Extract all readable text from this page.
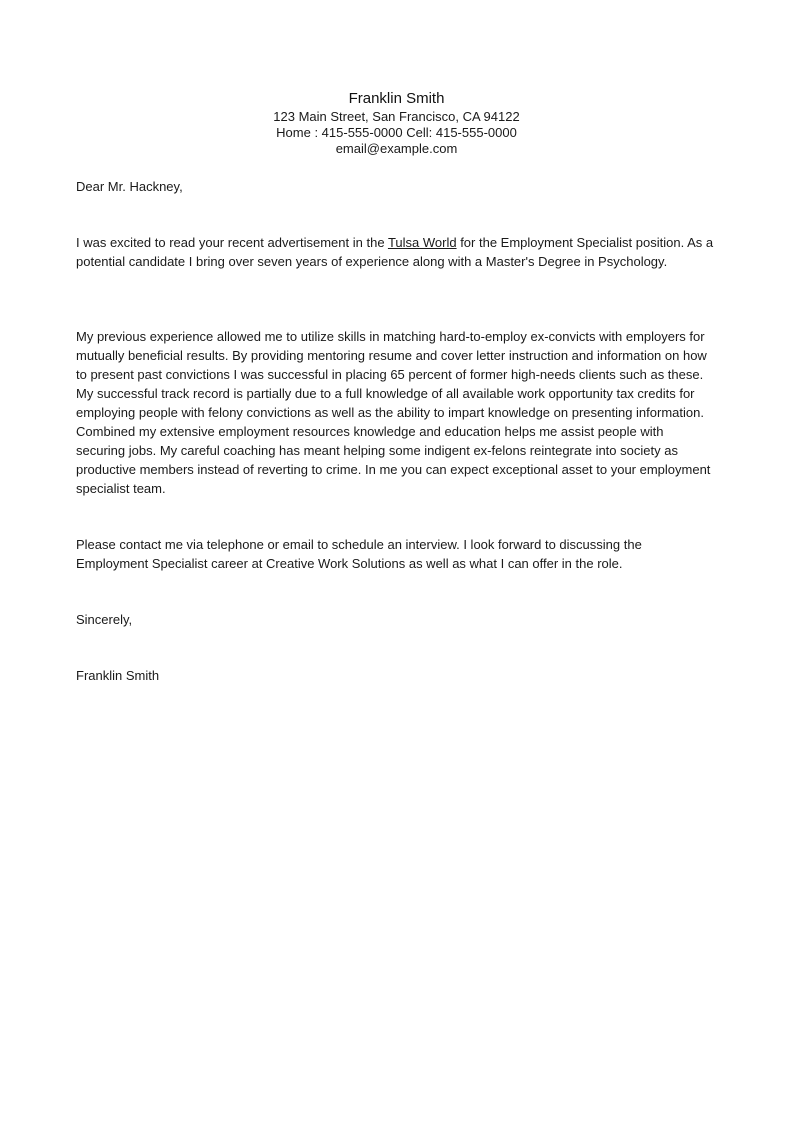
Franklin Smith

123 Main Street, San Francisco, CA 94122

Home : 415-555-0000 Cell: 415-555-0000

email@example.com

Dear Mr. Hackney,

I was excited to read your recent advertisement in the Tulsa World for the Employment Specialist position. As a potential candidate I bring over seven years of experience along with a Master's Degree in Psychology.

My previous experience allowed me to utilize skills in matching hard-to-employ ex-convicts with employers for mutually beneficial results. By providing mentoring resume and cover letter instruction and information on how to present past convictions I was successful in placing 65 percent of former high-needs clients such as these. My successful track record is partially due to a full knowledge of all available work opportunity tax credits for employing people with felony convictions as well as the ability to impart knowledge on presenting information. Combined my extensive employment resources knowledge and education helps me assist people with securing jobs. My careful coaching has meant helping some indigent ex-felons reintegrate into society as productive members instead of reverting to crime. In me you can expect exceptional asset to your employment specialist team.

Please contact me via telephone or email to schedule an interview. I look forward to discussing the Employment Specialist career at Creative Work Solutions as well as what I can offer in the role.

Sincerely,

Franklin Smith
